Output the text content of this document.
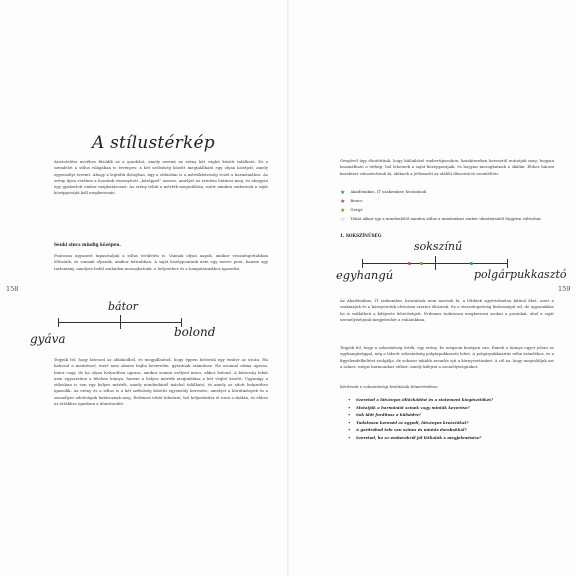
158
A stílustérkép
Aristotelész nevéhez fűződik az a gondolat, amely szerint az erény két véglet között található. Ez a szemlélet a stílus világában is érvényes: a két szélsőség között megtalálható egy olyan középút, amely egyensúlyt teremt. Ahogy a legtöbb dologban, úgy a stílusban is a mértékletesség vezet a harmóniához. Az erény ilyen esetben a hozzánk viszonyított „középpel” azonos, amelyet az értelem határoz meg, és ahogyan egy gyakorlott ember meghatározná. Az erény tehát a mérték megtalálása, ezért minden embernek a saját középpontját kell megkeresnie.
Senki sincs mindig középen.
Pontosan ugyanezt tapasztaljuk a stílus területén is. Vannak olyan napok, amikor visszafogottabban öltözünk, és vannak olyanok, amikor bátrabban. A saját középpontunk nem egy merev pont, hanem egy tartomány, amelyen belül szabadon mozoghatunk, a helyzethez és a hangulatunkhoz igazodva.
gyáva
bátor
bolond
Tegyük fel, hogy kiteszel az ablakodból, és megpillantod, hogy éppen beleesik egy ember az utcán. Ha habozol a mentéssel, mert nem akarsz bajba keveredni, gyávának számítasz. Ha azonnal utána ugrasz, bátor vagy, de ha olyan helyzetben ugrasz, amikor semmi esélyed nincs, akkor bolond. A bátorság tehát nem egyszerűen a félelem hiánya, hanem a helyes mérték megtalálása a két véglet között. Ugyanígy a stílusban is van egy helyes mérték, amely mindenkinél máshol található, és amely az adott helyzethez igazodik. Az erény és a stílus is a két szélsőség közötti egyensúly keresése, amelyet a körülmények és a személyes adottságok határoznak meg. Érdemes tehát felmérni, hol helyezkedsz el ezen a skálán, és ehhez az értékhez igazítani a döntéseidet.
159
Gergővel úgy döntöttünk, hogy különböző embertípusokon, karaktereken keresztül mutatjuk meg, hogyan használható a térkép, hol lehetnek a saját középpontjaik, és hogyan mozoghatnak a skálán. Ehhez három karaktert választottunk ki, akiknek a jellemzőit az alábbi illusztráció szemlélteti.
★ Akadémikus, IT szakember, hivatalnok
★ Bence
★ Gergő
☆ Tehát akkor így a mindenfelől minden stílus a mindenkori ember identitásától függően változhat.
1. SOKSZÍNŰSÉG
sokszínű
egyhangú	polgárpukkasztó
Az Akadémikus, IT szakember, hivatalnok nem mernek hi, a többiek egyértelműen kitűnő őket, mert a szakmájuk és a környezetük elvárásai szerint öltöznek. Ez a visszafogottság biztonságot ad, de ugyanakkor be is szűkítheti a kifejezés lehetőségeit. Érdemes tudatosan megkeresni azokat a pontokat, ahol a saját személyiségünk megjelenhet a ruháinkban.
Tegyük fel, hogy a sokszínűség érték, egy erény. Ez mégsem középen van. Ennek a hiánya egyet jelent az egyhangúsággal, míg a túlzott sokszínűség polgárpukkasztó lehet. A polgárpukkasztás néha szándékos, és a figyelemfelkeltést szolgálja, de sokszor inkább zavarba ejti a környezetünket. A cél az, hogy megtaláljuk azt a színes, mégis harmonikus stílust, amely kifejezi a személyiségünket.
Kérdések a sokszínűségi kvalitások felméréséhez:
• Szereted a látványos öltözködést és a statement kiegészítőket?
• Mutatják a harmóniát színek vagy minták keverése?
• Sok időt fordítasz a külsődre?
• Tudatosan kereséd az egyedi, látványos kreációkat?
• A gardróbod tele van színes és mintás darabokkal?
• Szereted, ha az emberekről jól láthatók a megjelenésére?
